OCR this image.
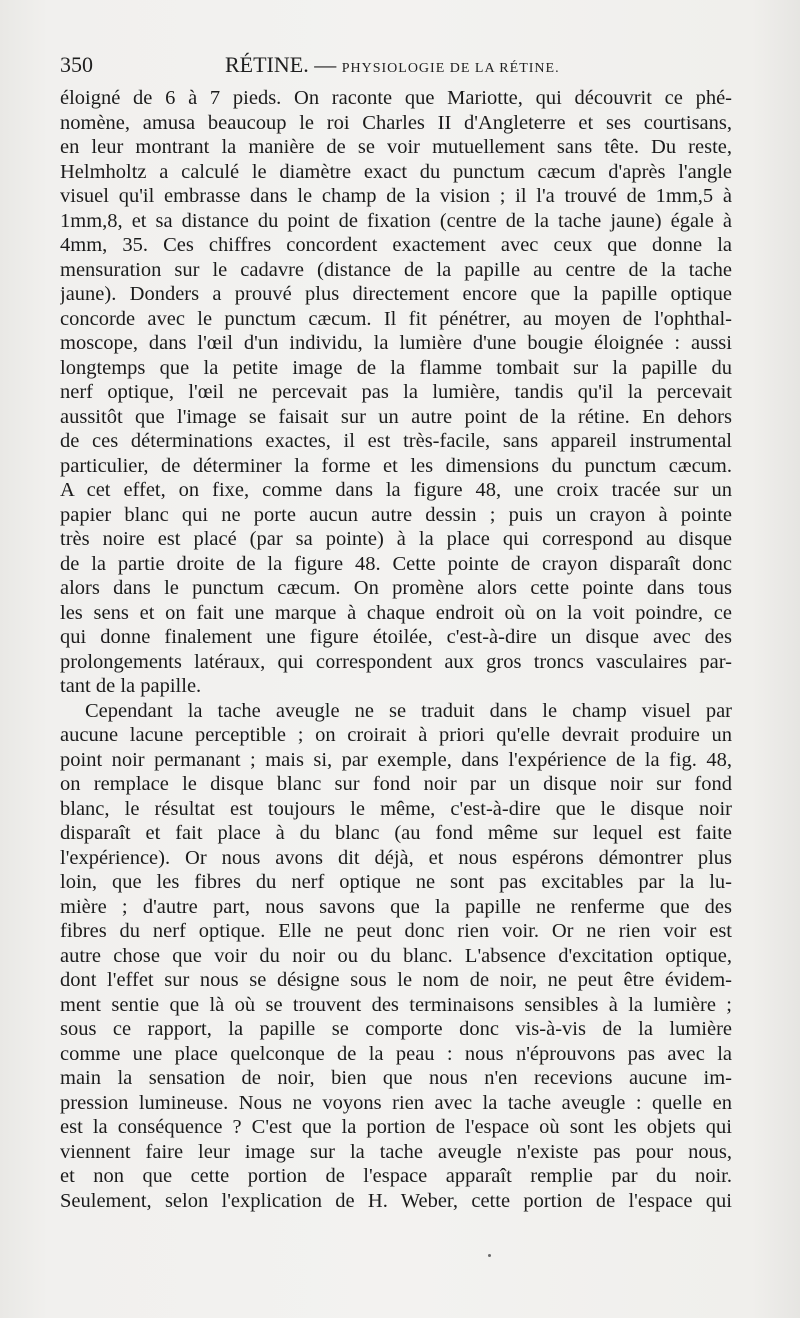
350	RÉTINE. — PHYSIOLOGIE DE LA RÉTINE.
éloigné de 6 à 7 pieds. On raconte que Mariotte, qui découvrit ce phé-
nomène, amusa beaucoup le roi Charles II d'Angleterre et ses courtisans,
en leur montrant la manière de se voir mutuellement sans tête. Du reste,
Helmholtz a calculé le diamètre exact du punctum cæcum d'après l'angle
visuel qu'il embrasse dans le champ de la vision ; il l'a trouvé de 1mm,5 à
1mm,8, et sa distance du point de fixation (centre de la tache jaune) égale à
4mm, 35. Ces chiffres concordent exactement avec ceux que donne la
mensuration sur le cadavre (distance de la papille au centre de la tache
jaune). Donders a prouvé plus directement encore que la papille optique
concorde avec le punctum cæcum. Il fit pénétrer, au moyen de l'ophthal-
moscope, dans l'œil d'un individu, la lumière d'une bougie éloignée : aussi
longtemps que la petite image de la flamme tombait sur la papille du
nerf optique, l'œil ne percevait pas la lumière, tandis qu'il la percevait
aussitôt que l'image se faisait sur un autre point de la rétine. En dehors
de ces déterminations exactes, il est très-facile, sans appareil instrumental
particulier, de déterminer la forme et les dimensions du punctum cæcum.
A cet effet, on fixe, comme dans la figure 48, une croix tracée sur un
papier blanc qui ne porte aucun autre dessin ; puis un crayon à pointe
très noire est placé (par sa pointe) à la place qui correspond au disque
de la partie droite de la figure 48. Cette pointe de crayon disparaît donc
alors dans le punctum cæcum. On promène alors cette pointe dans tous
les sens et on fait une marque à chaque endroit où on la voit poindre, ce
qui donne finalement une figure étoilée, c'est-à-dire un disque avec des
prolongements latéraux, qui correspondent aux gros troncs vasculaires par-
tant de la papille.
Cependant la tache aveugle ne se traduit dans le champ visuel par
aucune lacune perceptible ; on croirait à priori qu'elle devrait produire un
point noir permanant ; mais si, par exemple, dans l'expérience de la fig. 48,
on remplace le disque blanc sur fond noir par un disque noir sur fond
blanc, le résultat est toujours le même, c'est-à-dire que le disque noir
disparaît et fait place à du blanc (au fond même sur lequel est faite
l'expérience). Or nous avons dit déjà, et nous espérons démontrer plus
loin, que les fibres du nerf optique ne sont pas excitables par la lu-
mière ; d'autre part, nous savons que la papille ne renferme que des
fibres du nerf optique. Elle ne peut donc rien voir. Or ne rien voir est
autre chose que voir du noir ou du blanc. L'absence d'excitation optique,
dont l'effet sur nous se désigne sous le nom de noir, ne peut être évidem-
ment sentie que là où se trouvent des terminaisons sensibles à la lumière ;
sous ce rapport, la papille se comporte donc vis-à-vis de la lumière
comme une place quelconque de la peau : nous n'éprouvons pas avec la
main la sensation de noir, bien que nous n'en recevions aucune im-
pression lumineuse. Nous ne voyons rien avec la tache aveugle : quelle en
est la conséquence ? C'est que la portion de l'espace où sont les objets qui
viennent faire leur image sur la tache aveugle n'existe pas pour nous,
et non que cette portion de l'espace apparaît remplie par du noir.
Seulement, selon l'explication de H. Weber, cette portion de l'espace qui
